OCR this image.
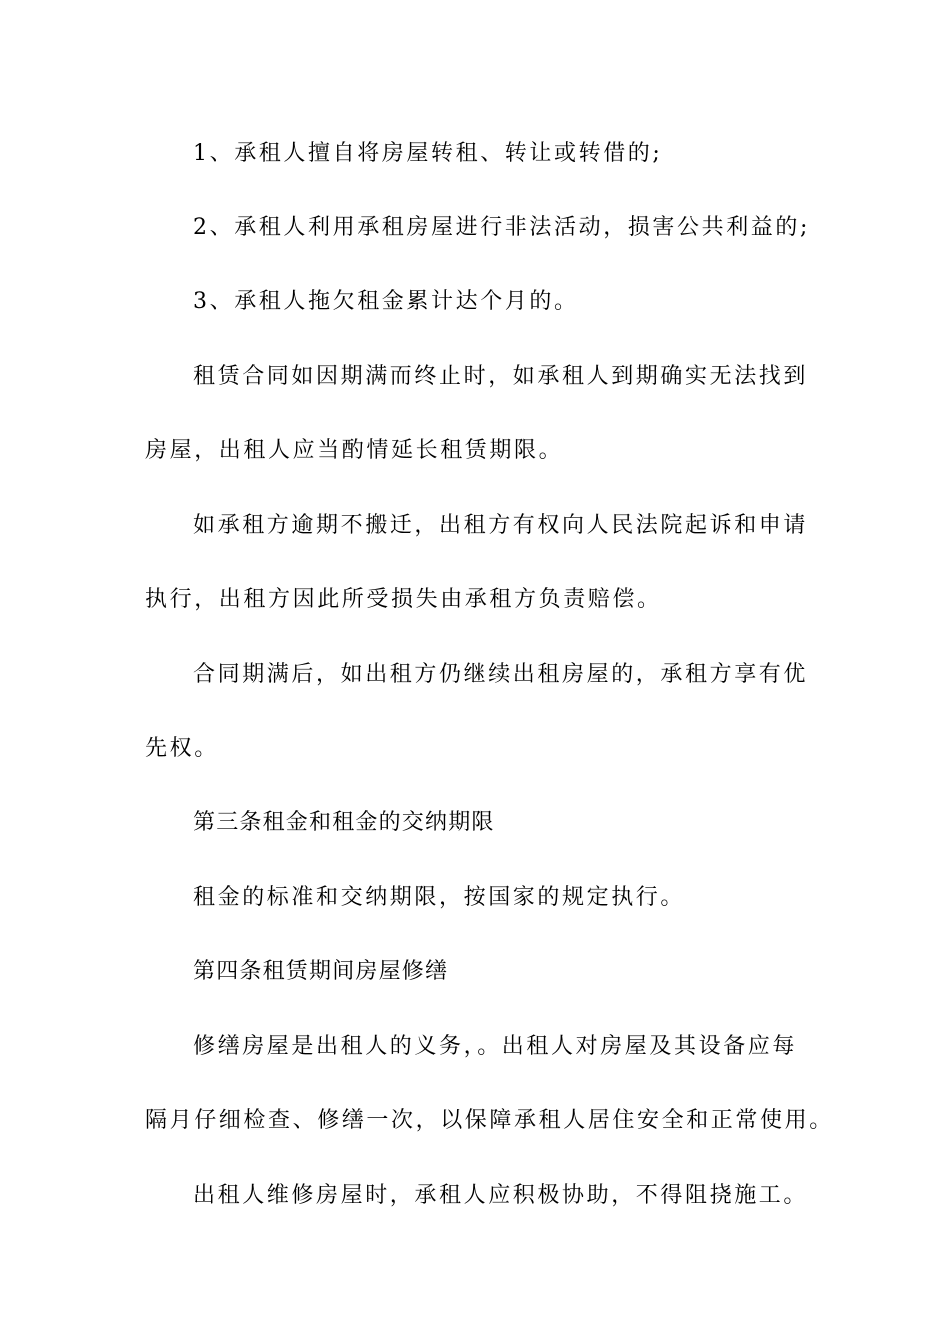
1、承租人擅自将房屋转租、转让或转借的;
2、承租人利用承租房屋进行非法活动，损害公共利益的;
3、承租人拖欠租金累计达个月的。
租赁合同如因期满而终止时，如承租人到期确实无法找到
房屋，出租人应当酌情延长租赁期限。
如承租方逾期不搬迁，出租方有权向人民法院起诉和申请
执行，出租方因此所受损失由承租方负责赔偿。
合同期满后，如出租方仍继续出租房屋的，承租方享有优
先权。
第三条租金和租金的交纳期限
租金的标准和交纳期限，按国家的规定执行。
第四条租赁期间房屋修缮
修缮房屋是出租人的义务，。出租人对房屋及其设备应每
隔月仔细检查、修缮一次，以保障承租人居住安全和正常使用。
出租人维修房屋时，承租人应积极协助，不得阻挠施工。
